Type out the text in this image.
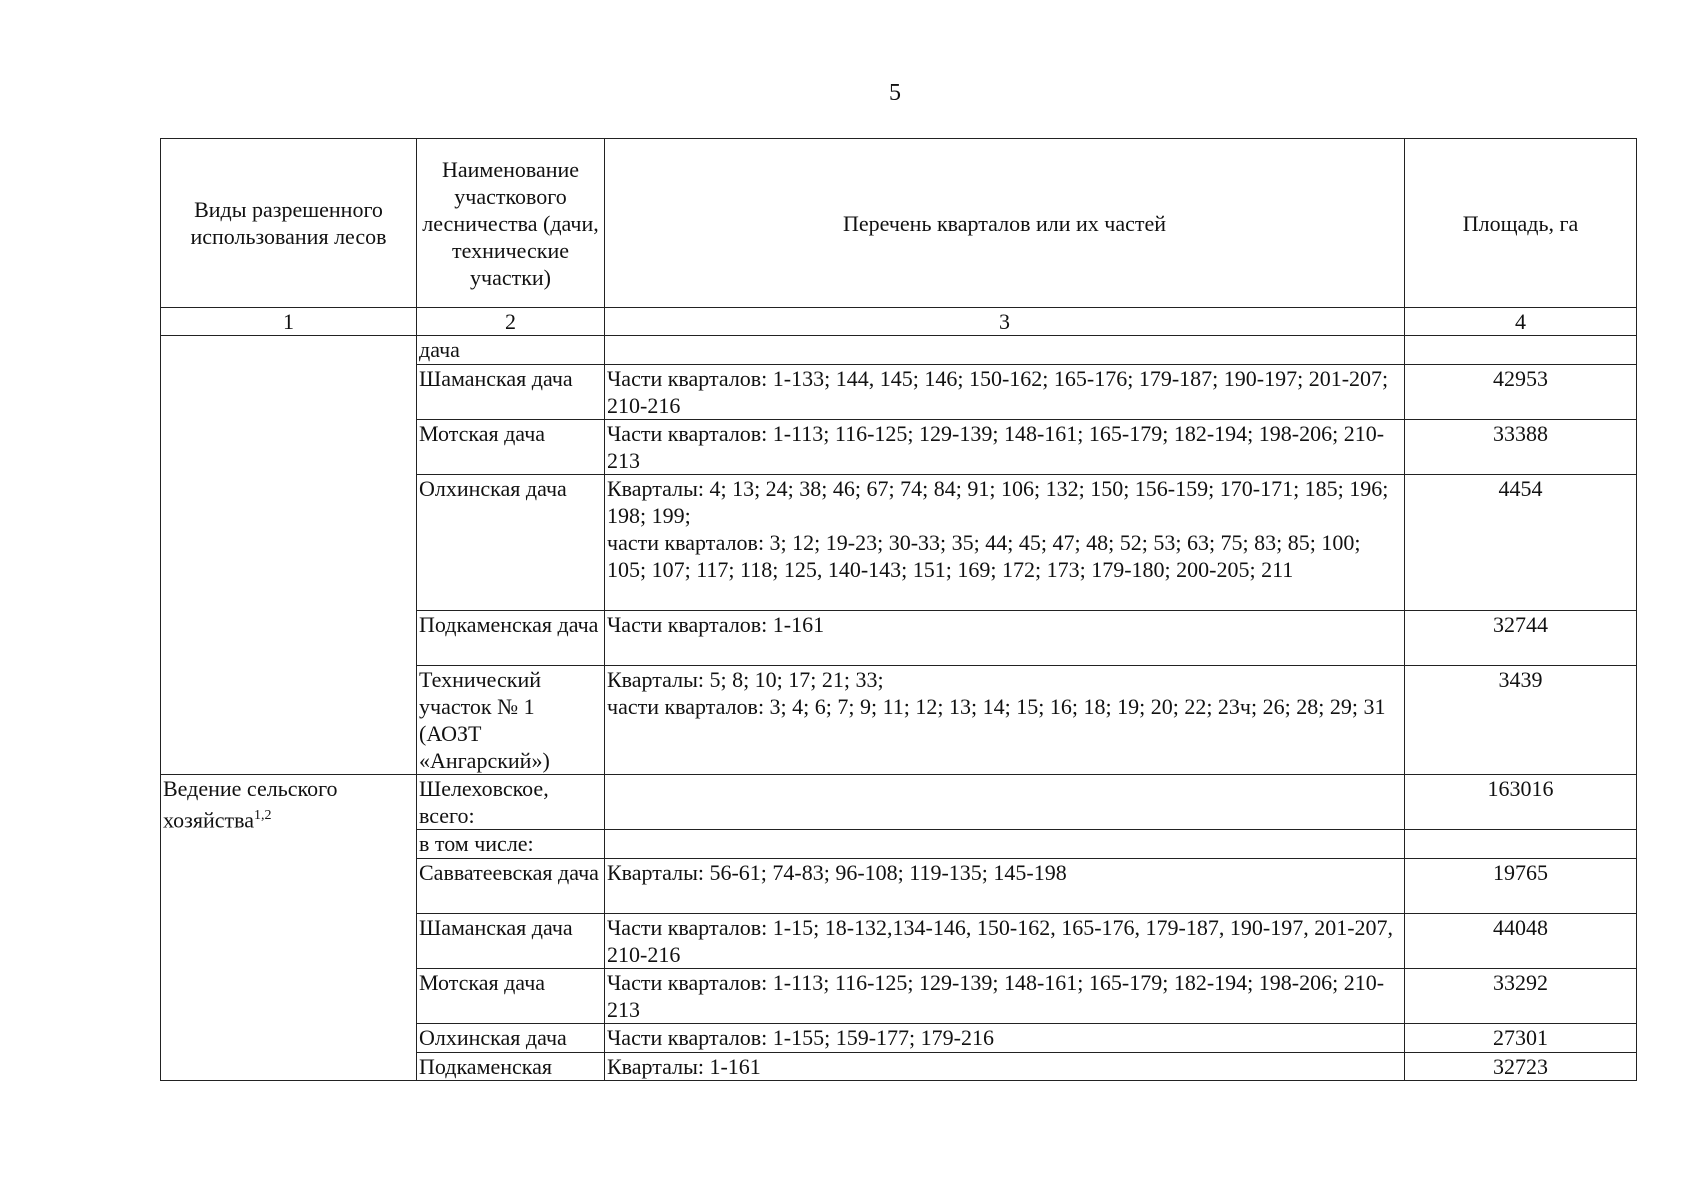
5
Виды разрешенного использования лесов	Наименование участкового лесничества (дачи, технические участки)	Перечень кварталов или их частей	Площадь, га
1	2	3	4
	дача		
	Шаманская дача	Части кварталов: 1-133; 144, 145; 146; 150-162; 165-176; 179-187; 190-197; 201-207; 210-216	42953
	Мотская дача	Части кварталов: 1-113; 116-125; 129-139; 148-161; 165-179; 182-194; 198-206; 210-213	33388
	Олхинская дача	Кварталы: 4; 13; 24; 38; 46; 67; 74; 84; 91; 106; 132; 150; 156-159; 170-171; 185; 196; 198; 199;
части кварталов: 3; 12; 19-23; 30-33; 35; 44; 45; 47; 48; 52; 53; 63; 75; 83; 85; 100; 105; 107; 117; 118; 125, 140-143; 151; 169; 172; 173; 179-180; 200-205; 211	4454
	Подкаменская дача	Части кварталов: 1-161	32744
	Технический участок № 1 (АОЗТ «Ангарский»)	Кварталы: 5; 8; 10; 17; 21; 33;
части кварталов: 3; 4; 6; 7; 9; 11; 12; 13; 14; 15; 16; 18; 19; 20; 22; 23ч; 26; 28; 29; 31	3439
Ведение сельского хозяйства$^{1,2}$	Шелеховское, всего:		163016
	в том числе:		
	Савватеевская дача	Кварталы: 56-61; 74-83; 96-108; 119-135; 145-198	19765
	Шаманская дача	Части кварталов: 1-15; 18-132,134-146, 150-162, 165-176, 179-187, 190-197, 201-207, 210-216	44048
	Мотская дача	Части кварталов: 1-113; 116-125; 129-139; 148-161; 165-179; 182-194; 198-206; 210-213	33292
	Олхинская дача	Части кварталов: 1-155; 159-177; 179-216	27301
	Подкаменская	Кварталы: 1-161	32723
